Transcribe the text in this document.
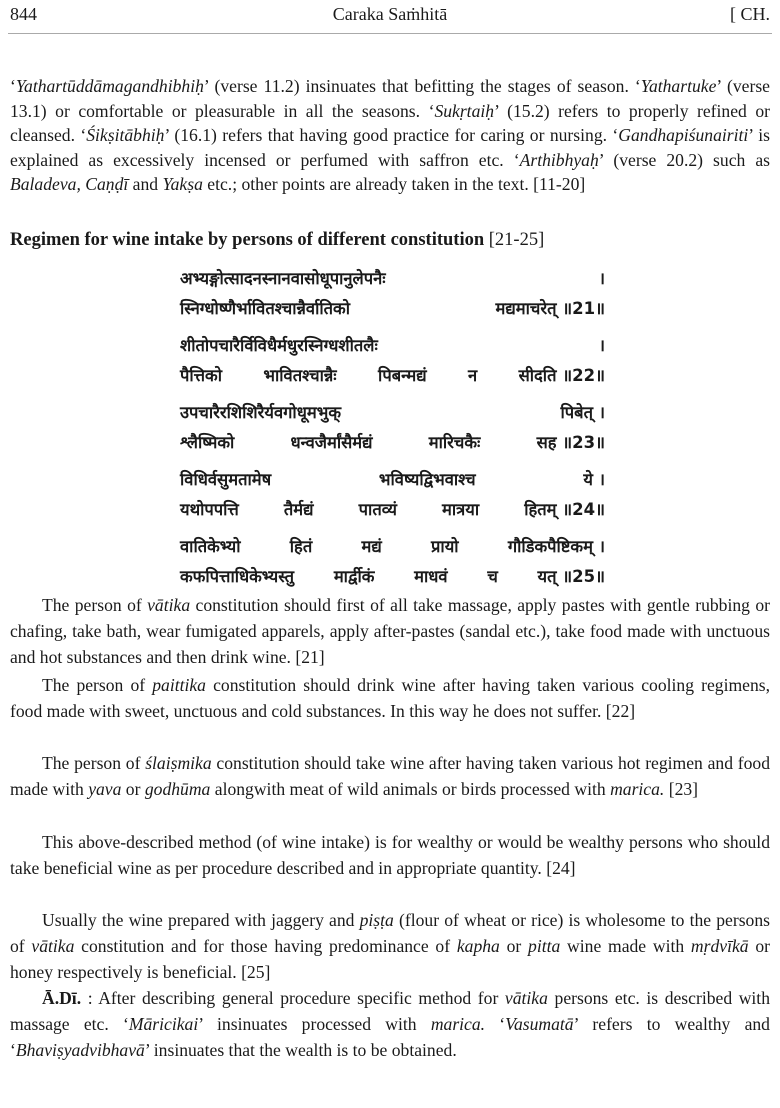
844	Caraka Saṁhitā	[ CH.
‘Yathartūddāmagandhibhiḥ’ (verse 11.2) insinuates that befitting the stages of season. ‘Yathartuke’ (verse 13.1) or comfortable or pleasurable in all the seasons. ‘Sukṛtaiḥ’ (15.2) refers to properly refined or cleansed. ‘Śikṣitābhiḥ’ (16.1) refers that having good practice for caring or nursing. ‘Gandhapiśunairiti’ is explained as excessively incensed or perfumed with saffron etc. ‘Arthibhyaḥ’ (verse 20.2) such as Baladeva, Caṇḍī and Yakṣa etc.; other points are already taken in the text. [11-20]
Regimen for wine intake by persons of different constitution [21-25]
अभ्यङ्गोत्सादनस्नानवासोधूपानुलेपनैः	।
स्निग्धोष्णैर्भावितश्चान्नैर्वातिको	मद्यमाचरेत् ॥21॥
शीतोपचारैर्विविधैर्मधुरस्निग्धशीतलैः	।
पैत्तिको	भावितश्चान्नैः	पिबन्मद्यं	न	सीदति ॥22॥
उपचारैरशिशिरैर्यवगोधूमभुक्	पिबेत् ।
श्लैष्मिको	धन्वजैर्मांसैर्मद्यं	मारिचकैः	सह ॥23॥
विधिर्वसुमतामेष	भविष्यद्विभवाश्च	ये ।
यथोपपत्ति	तैर्मद्यं	पातव्यं	मात्रया	हितम् ॥24॥
वातिकेभ्यो	हितं	मद्यं	प्रायो	गौडिकपैष्टिकम् ।
कफपित्ताधिकेभ्यस्तु मार्द्वीकं माधवं च यत् ॥25॥
The person of vātika constitution should first of all take massage, apply pastes with gentle rubbing or chafing, take bath, wear fumigated apparels, apply after-pastes (sandal etc.), take food made with unctuous and hot substances and then drink wine. [21]
The person of paittika constitution should drink wine after having taken various cooling regimens, food made with sweet, unctuous and cold substances. In this way he does not suffer. [22]
The person of ślaiṣmika constitution should take wine after having taken various hot regimen and food made with yava or godhūma alongwith meat of wild animals or birds processed with marica. [23]
This above-described method (of wine intake) is for wealthy or would be wealthy persons who should take beneficial wine as per procedure described and in appropriate quantity. [24]
Usually the wine prepared with jaggery and piṣṭa (flour of wheat or rice) is wholesome to the persons of vātika constitution and for those having predominance of kapha or pitta wine made with mṛdvīkā or honey respectively is beneficial. [25]
Ā.Dī. : After describing general procedure specific method for vātika persons etc. is described with massage etc. ‘Māricikai’ insinuates processed with marica. ‘Vasumatā’ refers to wealthy and ‘Bhaviṣyadvibhavā’ insinuates that the wealth is to be obtained.
